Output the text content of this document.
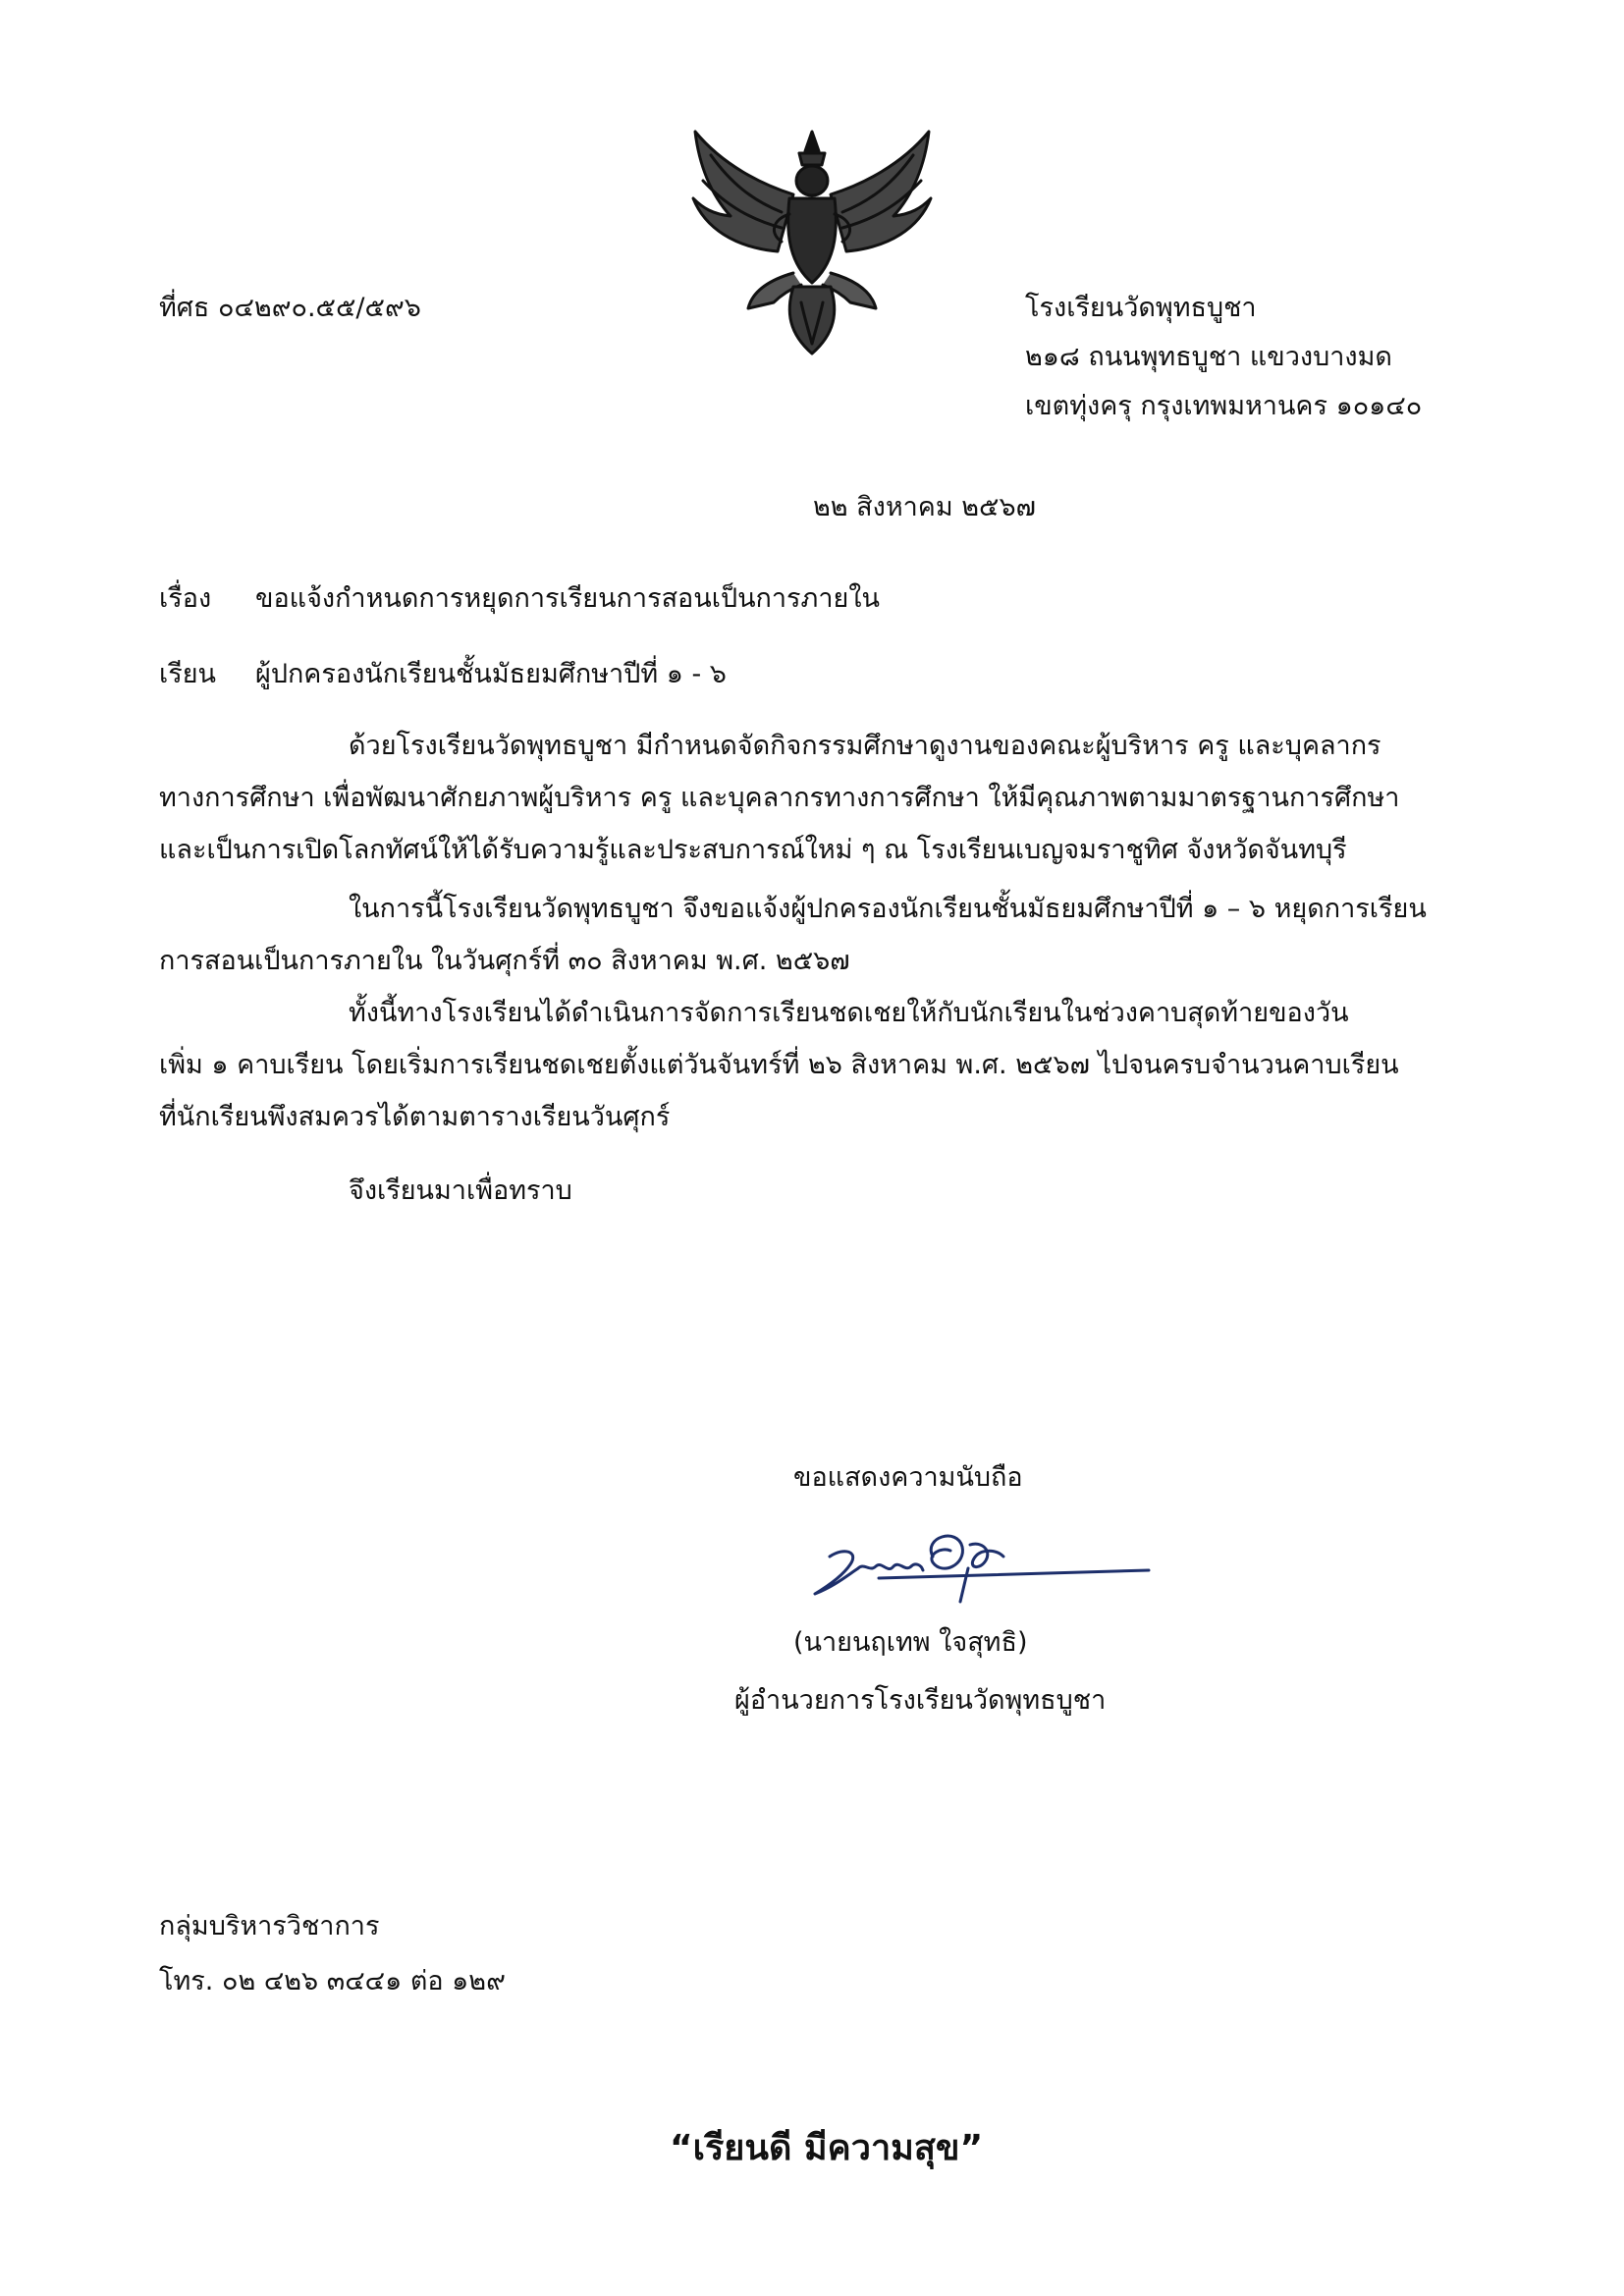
ที่ศธ ๐๔๒๙๐.๕๕/๕๙๖	โรงเรียนวัดพุทธบูชา
๒๑๘ ถนนพุทธบูชา แขวงบางมด
เขตทุ่งครุ กรุงเทพมหานคร ๑๐๑๔๐
๒๒ สิงหาคม ๒๕๖๗
เรื่อง ขอแจ้งกำหนดการหยุดการเรียนการสอนเป็นการภายใน
เรียน ผู้ปกครองนักเรียนชั้นมัธยมศึกษาปีที่ ๑ - ๖
ด้วยโรงเรียนวัดพุทธบูชา มีกำหนดจัดกิจกรรมศึกษาดูงานของคณะผู้บริหาร ครู และบุคลากร
ทางการศึกษา เพื่อพัฒนาศักยภาพผู้บริหาร ครู และบุคลากรทางการศึกษา ให้มีคุณภาพตามมาตรฐานการศึกษา
และเป็นการเปิดโลกทัศน์ให้ได้รับความรู้และประสบการณ์ใหม่ ๆ ณ โรงเรียนเบญจมราชูทิศ จังหวัดจันทบุรี
ในการนี้โรงเรียนวัดพุทธบูชา จึงขอแจ้งผู้ปกครองนักเรียนชั้นมัธยมศึกษาปีที่ ๑ – ๖ หยุดการเรียน
การสอนเป็นการภายใน ในวันศุกร์ที่ ๓๐ สิงหาคม พ.ศ. ๒๕๖๗
ทั้งนี้ทางโรงเรียนได้ดำเนินการจัดการเรียนชดเชยให้กับนักเรียนในช่วงคาบสุดท้ายของวัน
เพิ่ม ๑ คาบเรียน โดยเริ่มการเรียนชดเชยตั้งแต่วันจันทร์ที่ ๒๖ สิงหาคม พ.ศ. ๒๕๖๗ ไปจนครบจำนวนคาบเรียน
ที่นักเรียนพึงสมควรได้ตามตารางเรียนวันศุกร์
จึงเรียนมาเพื่อทราบ
ขอแสดงความนับถือ
(นายนฤเทพ ใจสุทธิ)
ผู้อำนวยการโรงเรียนวัดพุทธบูชา
กลุ่มบริหารวิชาการ
โทร. ๐๒ ๔๒๖ ๓๔๔๑ ต่อ ๑๒๙
“เรียนดี มีความสุข”
